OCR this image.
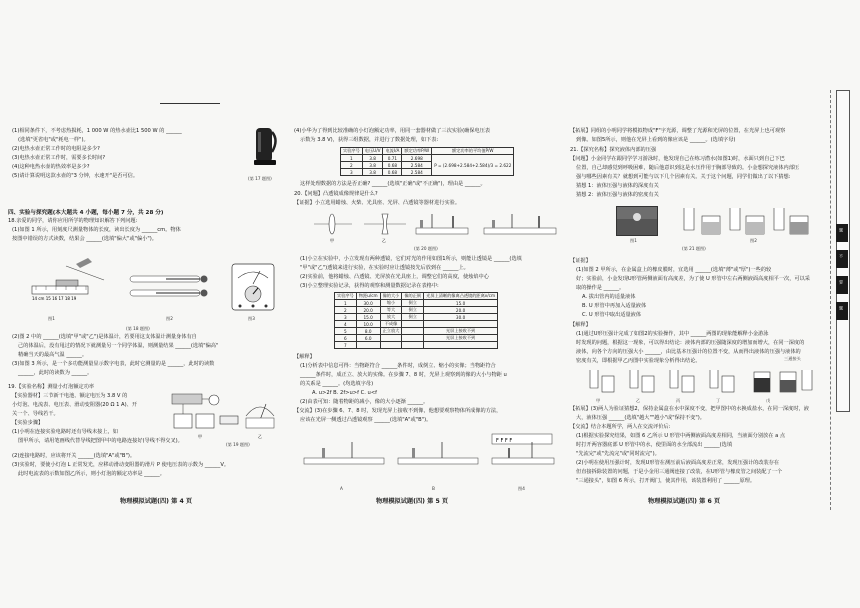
(1)相同条件下，不考虑热损耗，1 000 W 的热水壶比1 500 W 的 ______
(选填"更省电"或"耗电一样")。
(2)电热水壶正常工作时的电阻是多少?
(3)电热水壶正常工作时，需要多长时间?
(4)这种电热水壶的热效率是多少?
(5)请计算说明这款水壶的"3 分钟，水速开"是否可信。	(第 17 题图)
四、实验与探究题(本大题共 4 小题，每小题 7 分，共 28 分)
18.亲爱的同学，请你应用所学的物理知识解答下列问题:
(1)如图 1 所示，用刻度尺测量物体的长度，读出长度为 ______cm。物体
按图中错误的方式读数，结果会 ______(选填"偏大"或"偏小")。
14 cm 15 16 17 18 19
图1	图2	图3
(第 18 题图)
(2)图 2 中的 ______(选填"甲"或"乙")是体温计，若要用这支体温计测量身体有自
己的体温后，没有甩过的情况下就测量另一个同学体温，则测量结果 ______(选填"偏高"
精确当天的最高气温 ______。
(3)如图 3 所示，是一个多功能测量显示数字电表，此时它测量的是 ______，此时的读数
______，此时的读数为 ______。
19.【实验名称】测量小灯泡额定功率
【实验器材】三节新干电池、额定电压为 3.8 V 的
小灯泡、电流表、电压表、滑动变阻器(20 Ω 1 A)、开
关一个、导线若干。
【实验步骤】
(1)小明在连接实验电路时还有导线未接上，如
甲	乙
(第 19 题图)
图甲所示，请用笔画线代替导线把图甲中的电路连接好(导线不得交叉)。
(2)连接电路时，应该将开关 ______(选填"A"或"B")。
(3)实验时，要使小灯泡 L 正常发光，应移动滑动变阻器的滑片 P 使电压表的示数为 ______V。
此时电流表的示数如图乙所示，则小灯泡的额定功率是 ______。
物理模拟试题(四) 第 4 页
(4)小华为了得到比较准确的小灯泡额定功率，用同一套器材做了三次实验(确保电压表
示数为 3.8 V)，获得三组数据，并进行了数据处理，如下表:
实验序号	电压U/V	电流I/A	额定功率P/W	额定功率的平均值P/W
1	3.8	0.71	2.698	P = (2.698+2.584+2.584)/3 = 2.622
2	3.8	0.68	2.584	
3	3.8	0.68	2.584	
这样处理数据的方法是否正确? ______(选填"正确"或"不正确")，理由是 ______。
20.【问题】凸透镜成像规律是什么?
【证据】小立选用蜡烛、火柴、光具座、光屏、凸透镜等器材进行实验。
甲	乙
(第 20 题图)
(1)小立在实验中，小立发现有两种透镜，它们对光的作用如图1所示，则能让透镜是 ______(选填
"甲"或"乙")透镜来进行实验，在实验时应让透镜按先后放到在 ______上。
(2)实验前，他将蜡烛、凸透镜、光屏放在光具座上，调整它们的高度，使烛焰中心
(3)小立整理实验记录，获得的观察和测量数据记录在表格中:
实验序号	物距u/cm	像的大小	像的正倒	光屏上清晰的像离凸透镜的距离v/cm
1	30.0	缩小	倒立	15.0
2	20.0	等大	倒立	20.0
3	15.0	放大	倒立	30.0
4	10.0	不成像		
5	8.0	正立放大		光屏上接收不到
6	6.0			光屏上接收不到
7				
【解释】
(1)分析表中信息可得：当物距符合 ______条件时，成倒立、缩小的实像；当物距符合
______条件时，成正立、放大的实像。在步骤 7、8 时，光屏上观察到的像的大小与物距 u
的关系是 ______。(均选填字母)
A. u>2f B. 2f>u>f C. u<f
(2)由表可知：随着物距的减小，像的大小逐渐 ______。
【交流】(3)在步骤 6、7、8 时，发现光屏上接收不到像，他想要观察物体所成像的方法，
应该在光屏一侧透过凸透镜观察 ______(选填"A"或"B")。
F F F F
A	B	图4
物理模拟试题(四) 第 5 页
【拓展】同组的小明同学将模拟物成"F"字光源，调整了光源和光屏的位置，在光屏上也可观察
到像。如图5所示，则他在光屏上看到的像应该是 ______。(选填字母)
21.【探究名称】探究液体内部的压强
【问题】小金同学在跟同学学习游泳时，他发现自己在练习潜水(如图1)时，水面只到自己下巴
位置，自己却感觉到呼吸困难，随后他意识到这是水压作用于胸部导致的。小金想探究液体内部压
强与哪些因素有关？就想到可能与以下几个因素有关。关于这个问题，同学们做出了以下猜想:
猜想 1：液体压强与液体的深度有关
猜想 2：液体压强与液体的密度有关
图1	图2
(第 21 题图)
【证据】
(1)如图 2 甲所示，在金属盒上的橡皮膜时，宜选用 ______(选填"薄"或"厚")一些的较
好；实验前，小金发现U形管两侧液面有高度差，为了使 U 形管中左右两侧液面高度相平一次，可以采
取的操作是 ______。
A. 拔出管内的适量液体
B. U 形管中再加入适量液体
C. U 形管中取出适量液体
【解释】
(1)通过U形压强计完成了如图2的实验操作，其中 ______两图的现象能解释小金游泳
时发现的问题，根据这一现象，可以得出结论：液体内部的压强随深度的增加而增大，在同一深度的
液体，向各个方向的压强大小 ______，由比基本压强计的位置不变，从而得出液体的压强与液体的
密度有关，即根据甲乙丙图中实验现象分析得出结论。	三通接头
甲	乙	丙	丁	戊
【拓展】(3)两人为验证猜想2，保持金属盒在水中深度不变，把甲图中的水换成盐水，在同一深度时，液
大，液体压强 ______(选填"越大""越小"或"保持不变")。
【交流】结合本题所学，两人在交流评价后:
(1)根据实验探究结果，如图 6 乙所示 U 形管中两侧液面高度差相同，当液面分别放在 a 点
时打开两容器底部 U 形管中的水，使里面的水全部流出 ______(选填
"先流完"或"先流完"或"同时流完")。
(2)小明在使用压强计时，发现U形管在测压前后液面高度差正常，发现压强计的改装存在
但直接拆除装置的问题，于是小金用三通阀连接了改装，在U形管与橡皮管之间装配了一个
"三通接头"，如图 6 所示，打开阀门，使其作用，该装置利用了 ______原理。
物理模拟试题(四) 第 6 页
题
不
要
题
